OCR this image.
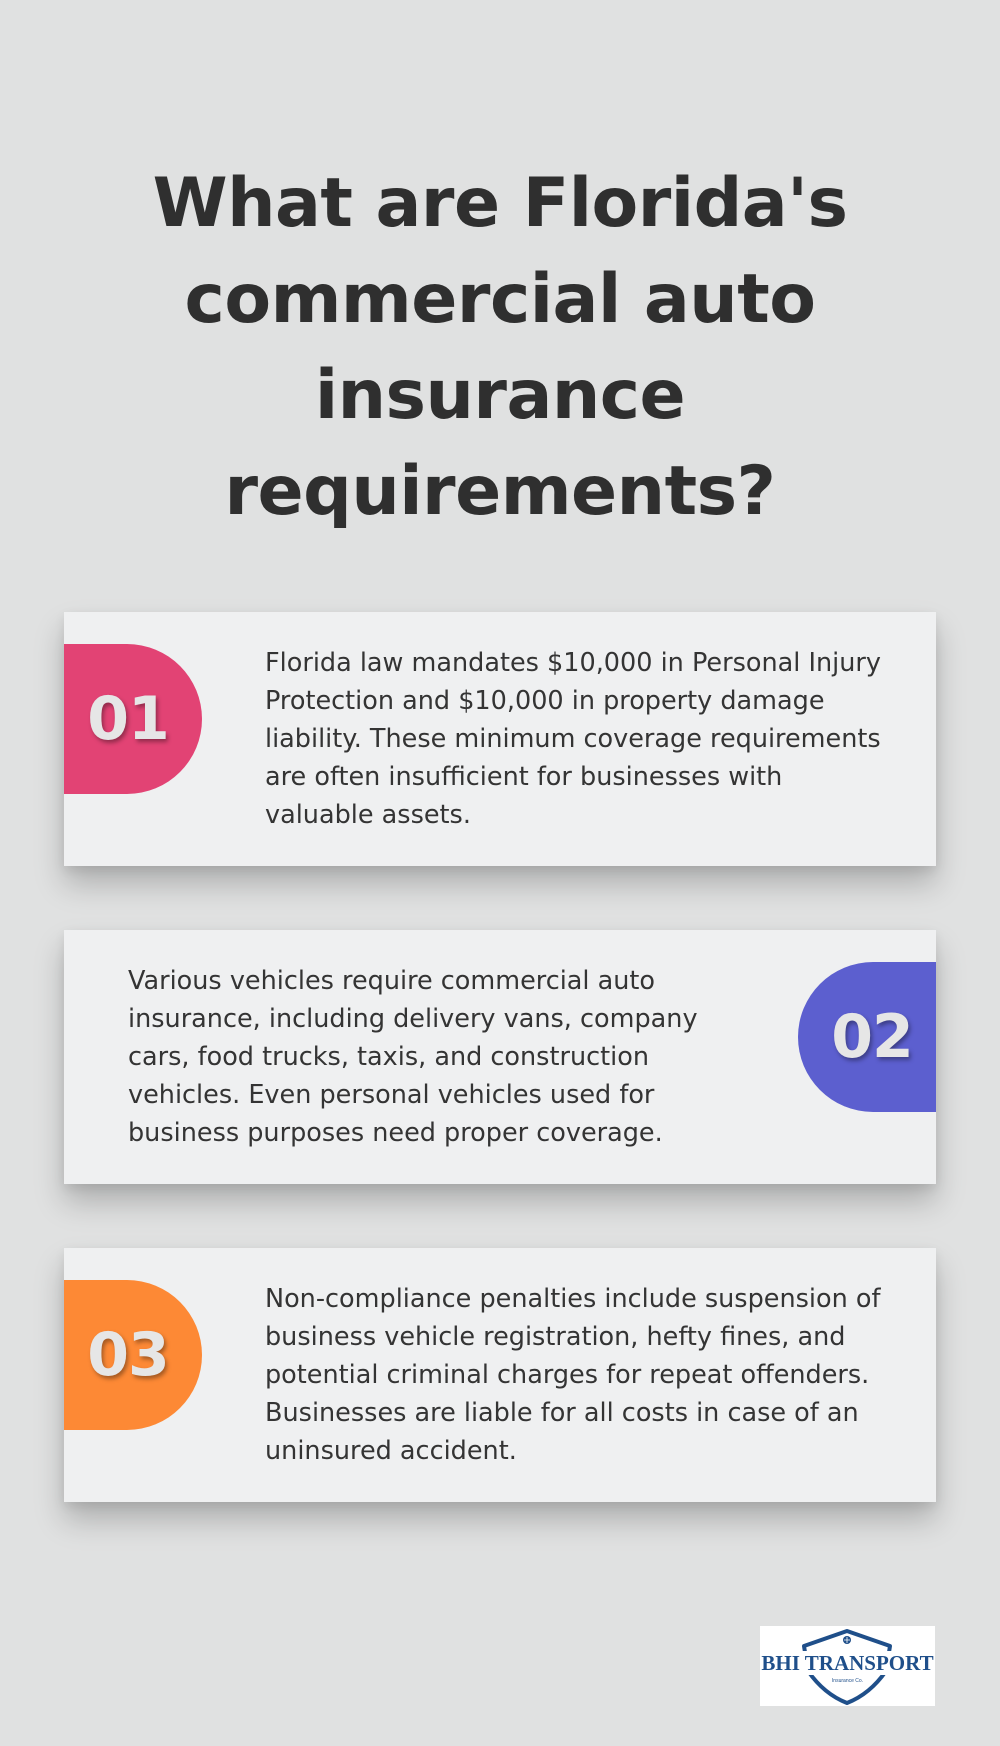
What are Florida's commercial auto insurance requirements?
01
Florida law mandates $10,000 in Personal Injury Protection and $10,000 in property damage liability. These minimum coverage requirements are often insufficient for businesses with valuable assets.
Various vehicles require commercial auto insurance, including delivery vans, company cars, food trucks, taxis, and construction vehicles. Even personal vehicles used for business purposes need proper coverage.
02
03
Non-compliance penalties include suspension of business vehicle registration, hefty fines, and potential criminal charges for repeat offenders. Businesses are liable for all costs in case of an uninsured accident.
BHI TRANSPORT
Insurance Co.
